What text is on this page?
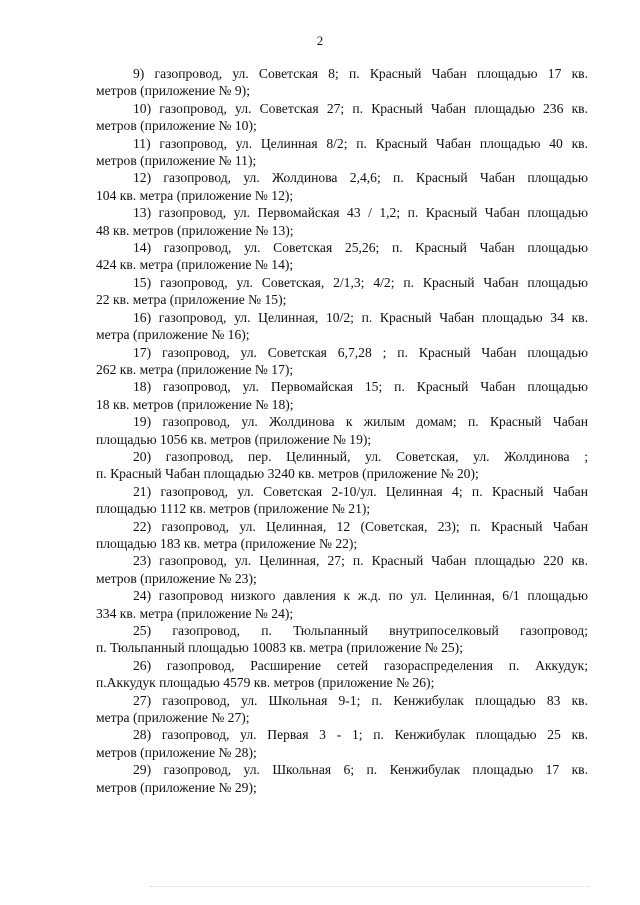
2
9) газопровод, ул. Советская 8; п. Красный Чабан площадью 17 кв.
метров (приложение № 9);
10) газопровод, ул. Советская 27; п. Красный Чабан площадью 236 кв.
метров (приложение № 10);
11) газопровод, ул. Целинная 8/2; п. Красный Чабан площадью 40 кв.
метров (приложение № 11);
12) газопровод, ул. Жолдинова 2,4,6; п. Красный Чабан площадью
104 кв. метра (приложение № 12);
13) газопровод, ул. Первомайская 43 / 1,2; п. Красный Чабан площадью
48 кв. метров (приложение № 13);
14) газопровод, ул. Советская 25,26; п. Красный Чабан площадью
424 кв. метра (приложение № 14);
15) газопровод, ул. Советская, 2/1,3; 4/2; п. Красный Чабан площадью
22 кв. метра (приложение № 15);
16) газопровод, ул. Целинная, 10/2; п. Красный Чабан площадью 34 кв.
метра (приложение № 16);
17) газопровод, ул. Советская 6,7,28 ; п. Красный Чабан площадью
262 кв. метра (приложение № 17);
18) газопровод, ул. Первомайская 15; п. Красный Чабан площадью
18 кв. метров (приложение № 18);
19) газопровод, ул. Жолдинова к жилым домам; п. Красный Чабан
площадью 1056 кв. метров (приложение № 19);
20) газопровод, пер. Целинный, ул. Советская, ул. Жолдинова ;
п. Красный Чабан площадью 3240 кв. метров (приложение № 20);
21) газопровод, ул. Советская 2-10/ул. Целинная 4; п. Красный Чабан
площадью 1112 кв. метров (приложение № 21);
22) газопровод, ул. Целинная, 12 (Советская, 23); п. Красный Чабан
площадью 183 кв. метра (приложение № 22);
23) газопровод, ул. Целинная, 27; п. Красный Чабан площадью 220 кв.
метров (приложение № 23);
24) газопровод низкого давления к ж.д. по ул. Целинная, 6/1 площадью
334 кв. метра (приложение № 24);
25) газопровод, п. Тюльпанный внутрипоселковый газопровод;
п. Тюльпанный площадью 10083 кв. метра (приложение № 25);
26) газопровод, Расширение сетей газораспределения п. Аккудук;
п.Аккудук площадью 4579 кв. метров (приложение № 26);
27) газопровод, ул. Школьная 9-1; п. Кенжибулак площадью 83 кв.
метра (приложение № 27);
28) газопровод, ул. Первая 3 - 1; п. Кенжибулак площадью 25 кв.
метров (приложение № 28);
29) газопровод, ул. Школьная 6; п. Кенжибулак площадью 17 кв.
метров (приложение № 29);
